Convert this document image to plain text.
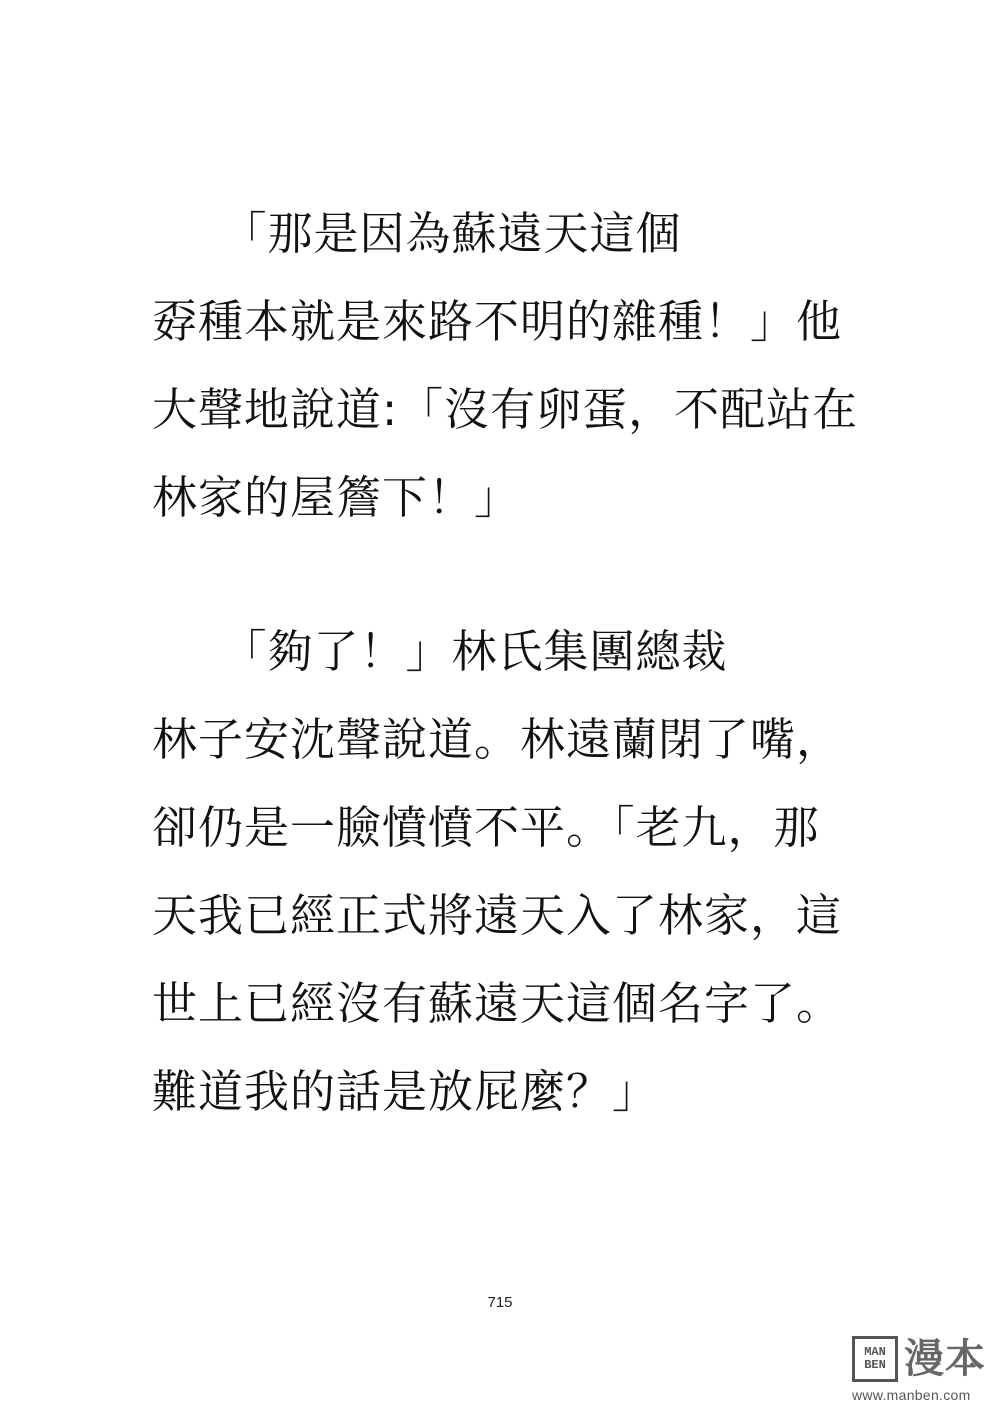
　　「那是因為蘇遠天這個
孬種本就是來路不明的雜種！」他
大聲地說道:「沒有卵蛋，不配站在
林家的屋簷下！」
　　「夠了！」林氏集團總裁
林子安沈聲說道。林遠蘭閉了嘴，
卻仍是一臉憤憤不平。「老九，那
天我已經正式將遠天入了林家，這
世上已經沒有蘇遠天這個名字了。
難道我的話是放屁麼？」
715
MAN
BEN 漫本
www.manben.com
